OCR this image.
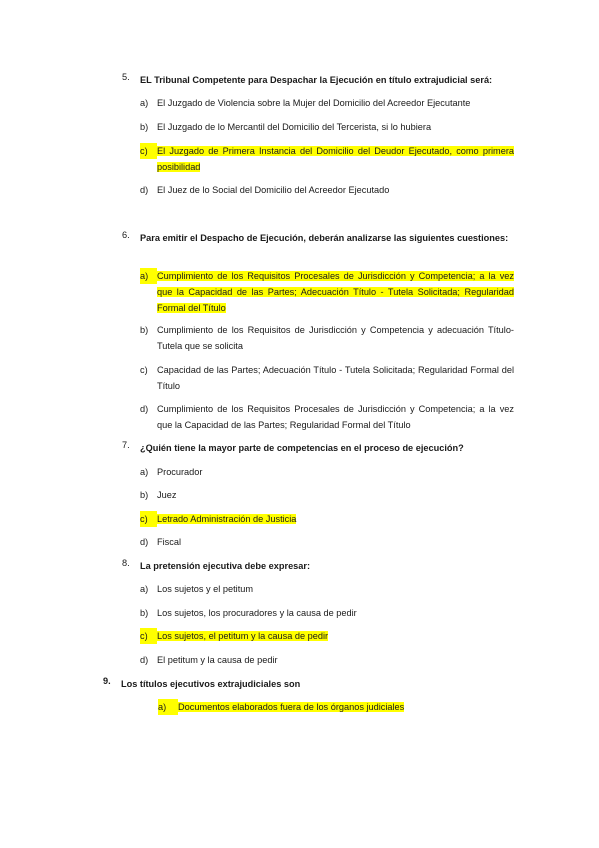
5.	EL Tribunal Competente para Despachar la Ejecución en título extrajudicial será:
a) El Juzgado de Violencia sobre la Mujer del Domicilio del Acreedor Ejecutante
b) El Juzgado de lo Mercantil del Domicilio del Tercerista, si lo hubiera
c)	El Juzgado de Primera Instancia del Domicilio del Deudor Ejecutado, como primera posibilidad
d) El Juez de lo Social del Domicilio del Acreedor Ejecutado
6.	Para emitir el Despacho de Ejecución, deberán analizarse las siguientes cuestiones:
a) Cumplimiento de los Requisitos Procesales de Jurisdicción y Competencia; a la vez que la Capacidad de las Partes; Adecuación Título - Tutela Solicitada; Regularidad Formal del Título
b) Cumplimiento de los Requisitos de Jurisdicción y Competencia y adecuación Título-Tutela que se solicita
c)	Capacidad de las Partes; Adecuación Título - Tutela Solicitada; Regularidad Formal del Título
d) Cumplimiento de los Requisitos Procesales de Jurisdicción y Competencia; a la vez que la Capacidad de las Partes; Regularidad Formal del Título
7.	¿Quién tiene la mayor parte de competencias en el proceso de ejecución?
a) Procurador
b) Juez
c)	Letrado Administración de Justicia
d) Fiscal
8.	La pretensión ejecutiva debe expresar:
a) Los sujetos y el petitum
b) Los sujetos, los procuradores y la causa de pedir
c)	Los sujetos, el petitum y la causa de pedir
d) El petitum y la causa de pedir
9.	Los títulos ejecutivos extrajudiciales son
a)	Documentos elaborados fuera de los órganos judiciales
